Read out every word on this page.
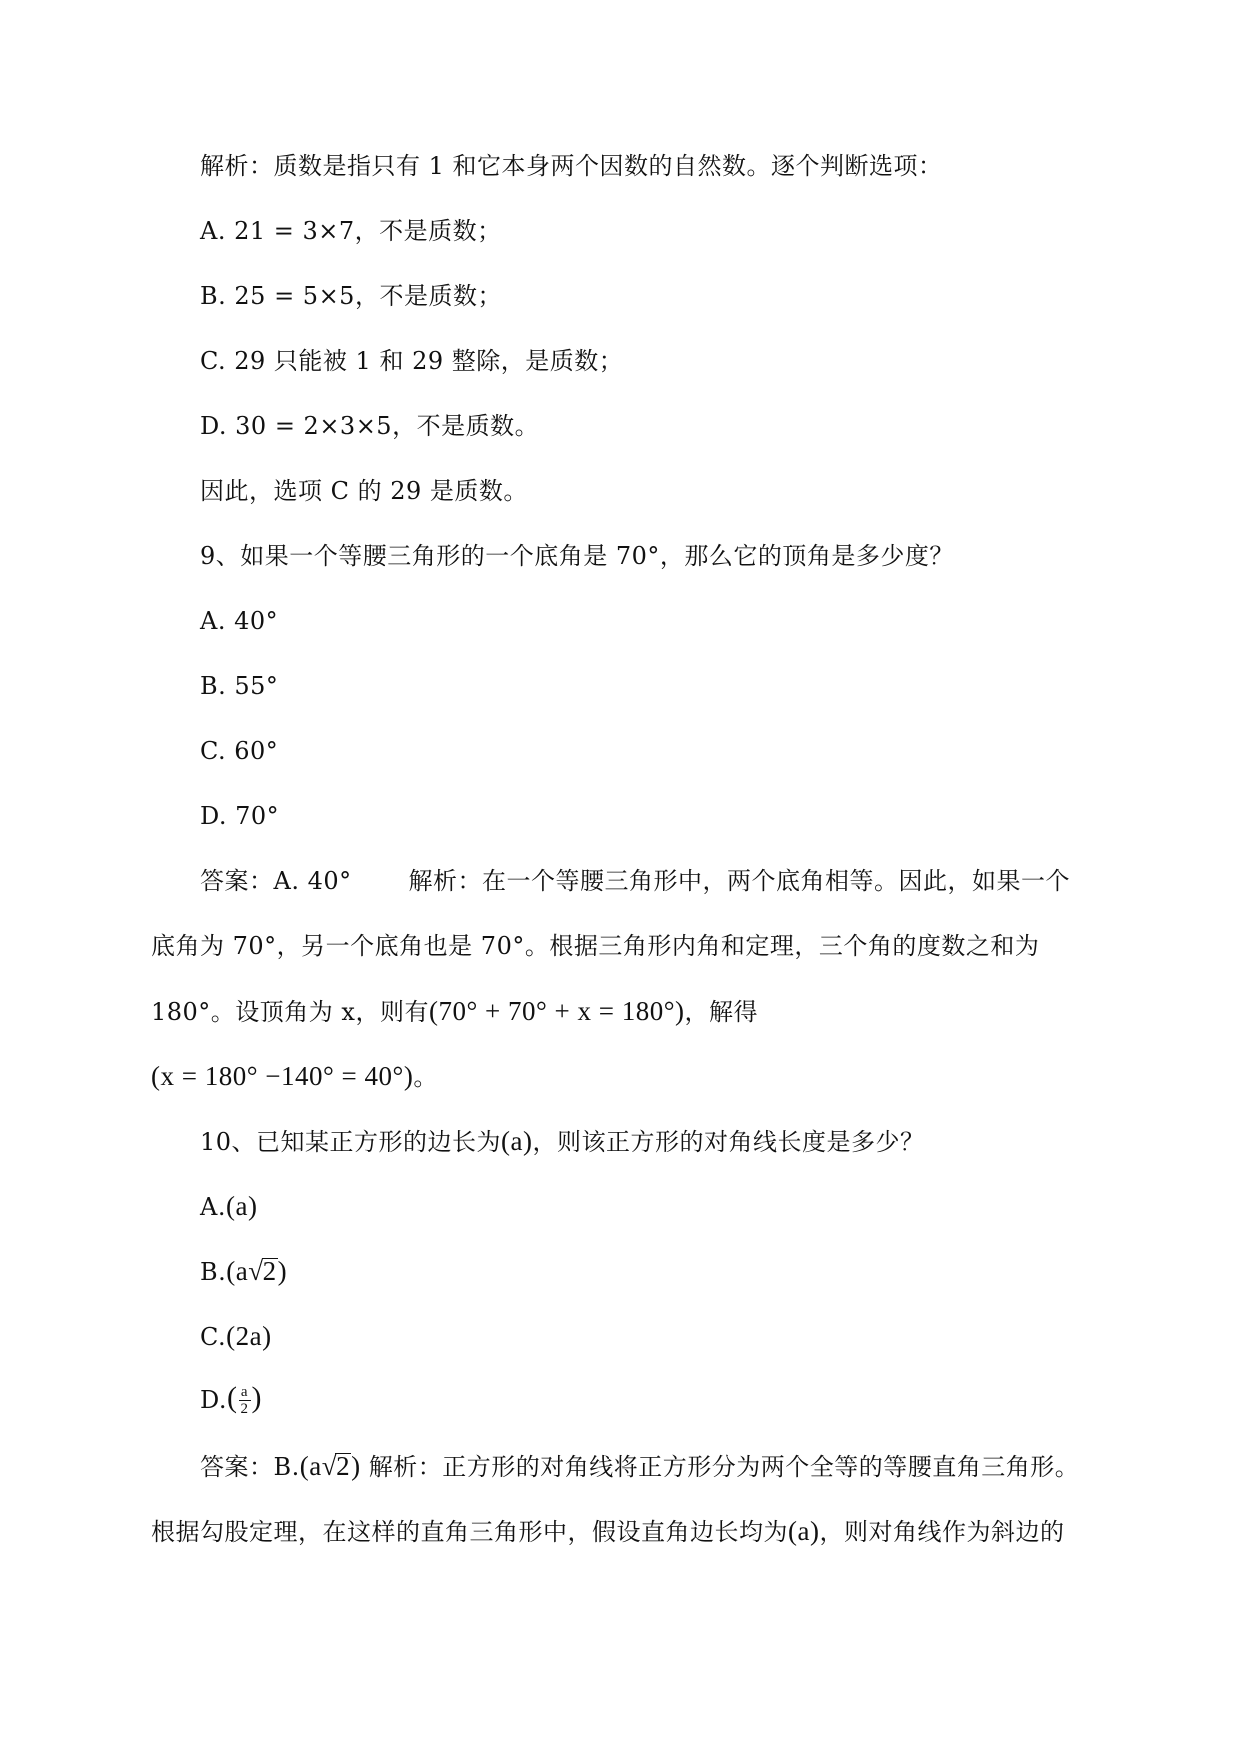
解析：质数是指只有 1 和它本身两个因数的自然数。逐个判断选项：
A. 21 = 3×7，不是质数；
B. 25 = 5×5，不是质数；
C. 29 只能被 1 和 29 整除，是质数；
D. 30 = 2×3×5，不是质数。
因此，选项 C 的 29 是质数。
9、如果一个等腰三角形的一个底角是 70°，那么它的顶角是多少度？
A. 40°
B. 55°
C. 60°
D. 70°
答案：A. 40°       解析：在一个等腰三角形中，两个底角相等。因此，如果一个
底角为 70°，另一个底角也是 70°。根据三角形内角和定理，三个角的度数之和为
180°。设顶角为 x，则有(70° + 70° + x = 180°)，解得
(x = 180° −140° = 40°)。
10、已知某正方形的边长为(a)，则该正方形的对角线长度是多少？
A.(a)
B.(a√2)
C.(2a)
$D.( \frac{a}{2}$ )
答案：B.(a√2) 解析：正方形的对角线将正方形分为两个全等的等腰直角三角形。
根据勾股定理，在这样的直角三角形中，假设直角边长均为(a)，则对角线作为斜边的
